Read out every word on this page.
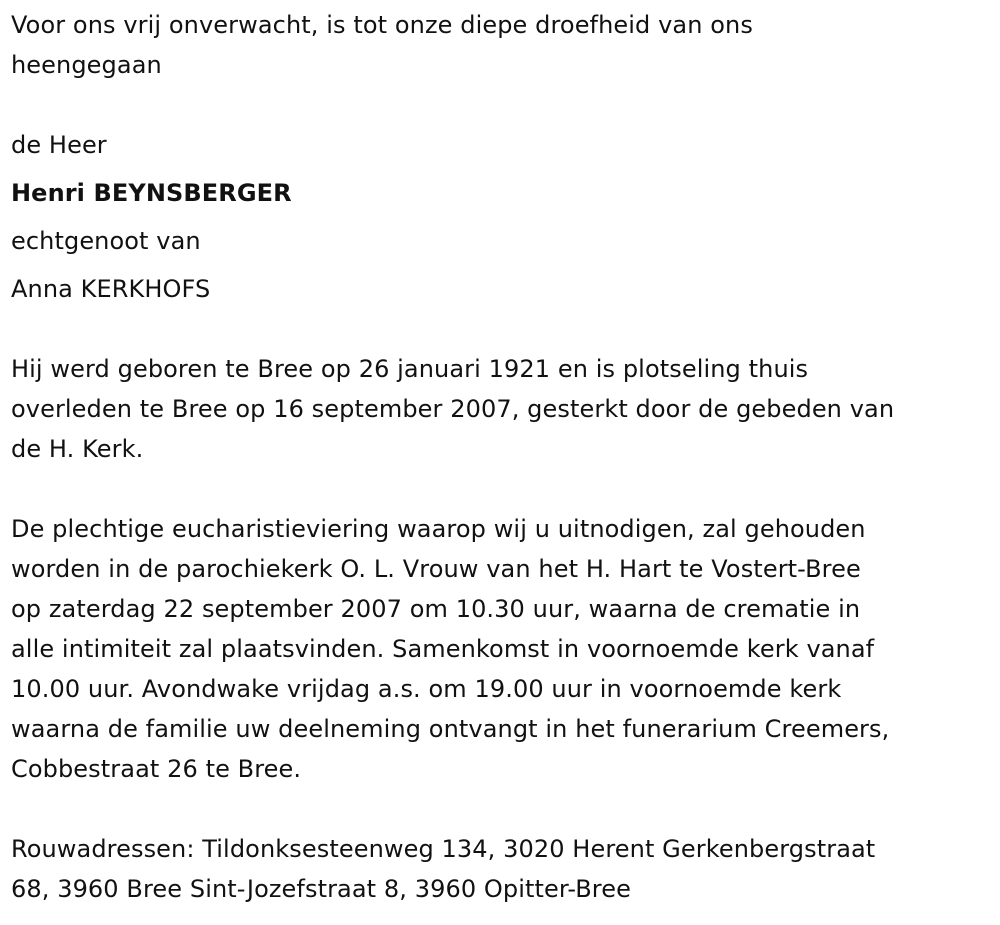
Voor ons vrij onverwacht, is tot onze diepe droefheid van ons
heengegaan

de Heer

Henri BEYNSBERGER

echtgenoot van

Anna KERKHOFS

Hij werd geboren te Bree op 26 januari 1921 en is plotseling thuis
overleden te Bree op 16 september 2007, gesterkt door de gebeden van
de H. Kerk.

De plechtige eucharistieviering waarop wij u uitnodigen, zal gehouden
worden in de parochiekerk O. L. Vrouw van het H. Hart te Vostert-Bree
op zaterdag 22 september 2007 om 10.30 uur, waarna de crematie in
alle intimiteit zal plaatsvinden. Samenkomst in voornoemde kerk vanaf
10.00 uur. Avondwake vrijdag a.s. om 19.00 uur in voornoemde kerk
waarna de familie uw deelneming ontvangt in het funerarium Creemers,
Cobbestraat 26 te Bree.

Rouwadressen: Tildonksesteenweg 134, 3020 Herent Gerkenbergstraat
68, 3960 Bree Sint-Jozefstraat 8, 3960 Opitter-Bree
